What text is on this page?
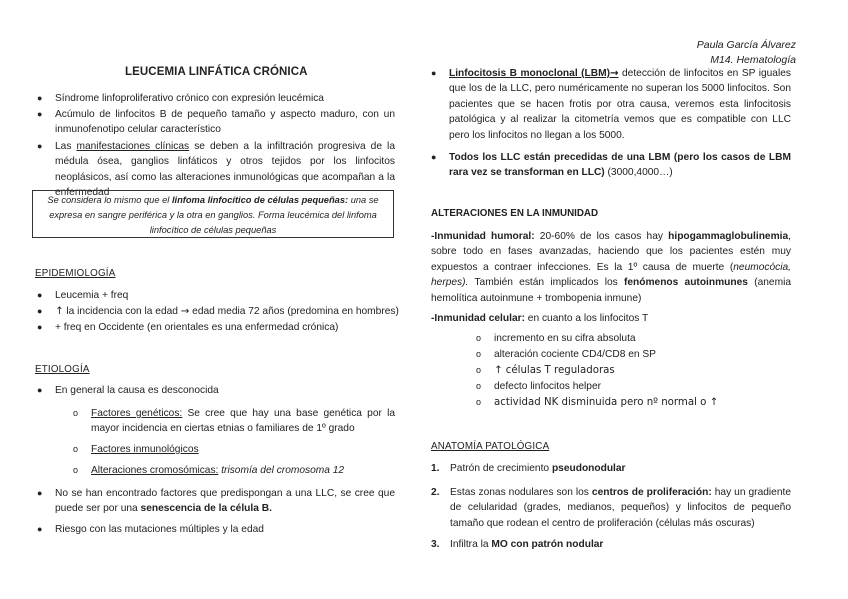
Paula García Álvarez
M14. Hematología
LEUCEMIA LINFÁTICA CRÓNICA
● Síndrome linfoproliferativo crónico con expresión leucémica
● Acúmulo de linfocitos B de pequeño tamaño y aspecto maduro, con un inmunofenotipo celular característico
● Las manifestaciones clínicas se deben a la infiltración progresiva de la médula ósea, ganglios linfáticos y otros tejidos por los linfocitos neoplásicos, así como las alteraciones inmunológicas que acompañan a la enfermedad
Se considera lo mismo que el linfoma linfocítico de células pequeñas: una se expresa en sangre periférica y la otra en ganglios. Forma leucémica del linfoma linfocítico de células pequeñas
EPIDEMIOLOGÍA
● Leucemia + freq
● ↑ la incidencia con la edad → edad media 72 años (predomina en hombres)
● + freq en Occidente (en orientales es una enfermedad crónica)
ETIOLOGÍA
● En general la causa es desconocida
o Factores genéticos: Se cree que hay una base genética por la mayor incidencia en ciertas etnias o familiares de 1º grado
o Factores inmunológicos
o Alteraciones cromosómicas: trisomía del cromosoma 12
● No se han encontrado factores que predispongan a una LLC, se cree que puede ser por una senescencia de la célula B.
● Riesgo con las mutaciones múltiples y la edad
● Linfocitosis B monoclonal (LBM)→ detección de linfocitos en SP iguales que los de la LLC, pero numéricamente no superan los 5000 linfocitos. Son pacientes que se hacen frotis por otra causa, veremos esta linfocitosis patológica y al realizar la citometría vemos que es compatible con LLC pero los linfocitos no llegan a los 5000.
● Todos los LLC están precedidas de una LBM (pero los casos de LBM rara vez se transforman en LLC) (3000,4000…)
ALTERACIONES EN LA INMUNIDAD
-Inmunidad humoral: 20-60% de los casos hay hipogammaglobulinemia, sobre todo en fases avanzadas, haciendo que los pacientes estén muy expuestos a contraer infecciones. Es la 1º causa de muerte (neumocócia, herpes). También están implicados los fenómenos autoinmunes (anemia hemolítica autoinmune + trombopenia inmune)
-Inmunidad celular: en cuanto a los linfocitos T
o incremento en su cifra absoluta
o alteración cociente CD4/CD8 en SP
o ↑ células T reguladoras
o defecto linfocitos helper
o actividad NK disminuida pero nº normal o ↑
ANATOMÍA PATOLÓGICA
1. Patrón de crecimiento pseudonodular
2. Estas zonas nodulares son los centros de proliferación: hay un gradiente de celularidad (grades, medianos, pequeños) y linfocitos de pequeño tamaño que rodean el centro de proliferación (células más oscuras)
3. Infiltra la MO con patrón nodular
